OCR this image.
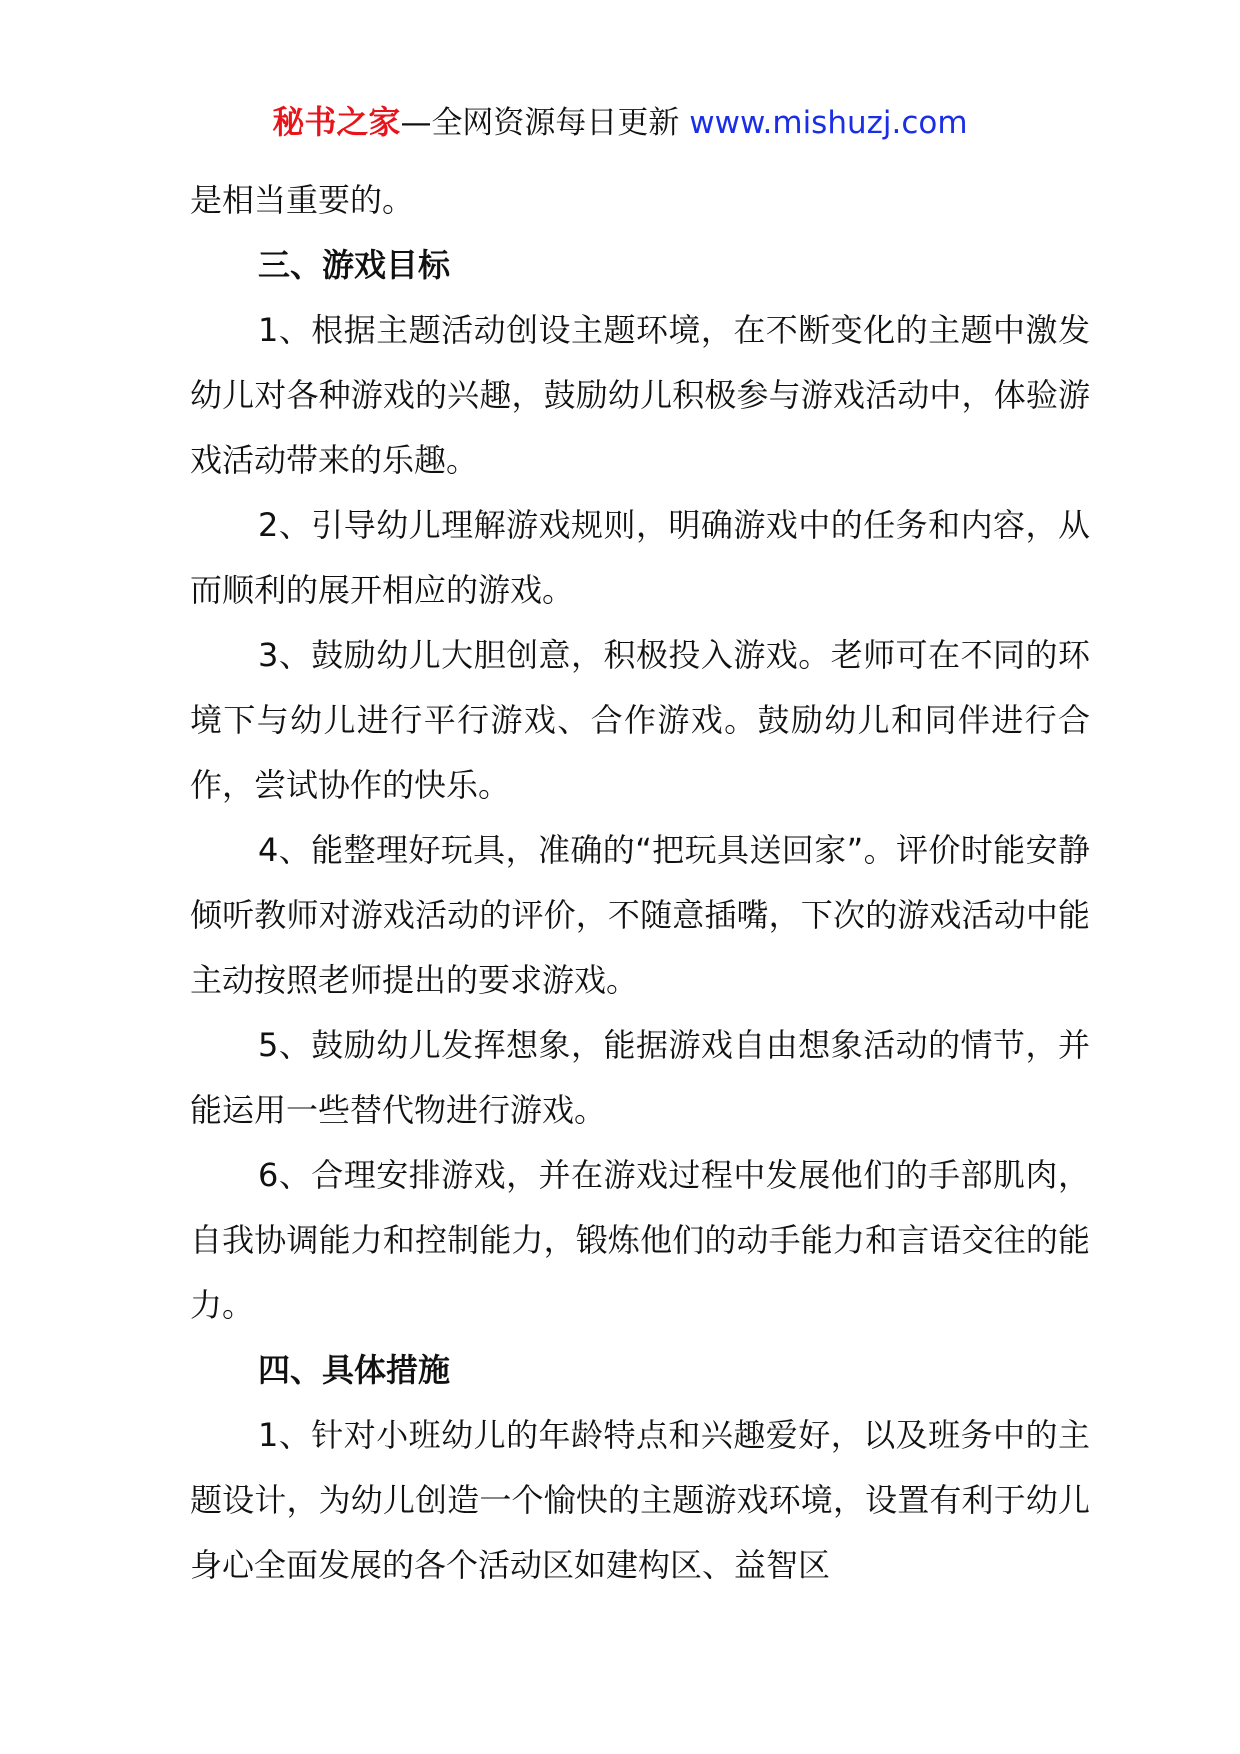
秘书之家—全网资源每日更新 www.mishuzj.com

是相当重要的。

三、游戏目标

1、根据主题活动创设主题环境，在不断变化的主题中激发幼儿对各种游戏的兴趣，鼓励幼儿积极参与游戏活动中，体验游戏活动带来的乐趣。

2、引导幼儿理解游戏规则，明确游戏中的任务和内容，从而顺利的展开相应的游戏。

3、鼓励幼儿大胆创意，积极投入游戏。老师可在不同的环境下与幼儿进行平行游戏、合作游戏。鼓励幼儿和同伴进行合作，尝试协作的快乐。

4、能整理好玩具，准确的“把玩具送回家”。评价时能安静倾听教师对游戏活动的评价，不随意插嘴，下次的游戏活动中能主动按照老师提出的要求游戏。

5、鼓励幼儿发挥想象，能据游戏自由想象活动的情节，并能运用一些替代物进行游戏。

6、合理安排游戏，并在游戏过程中发展他们的手部肌肉，自我协调能力和控制能力，锻炼他们的动手能力和言语交往的能力。

四、具体措施

1、针对小班幼儿的年龄特点和兴趣爱好，以及班务中的主题设计，为幼儿创造一个愉快的主题游戏环境，设置有利于幼儿身心全面发展的各个活动区如建构区、益智区
